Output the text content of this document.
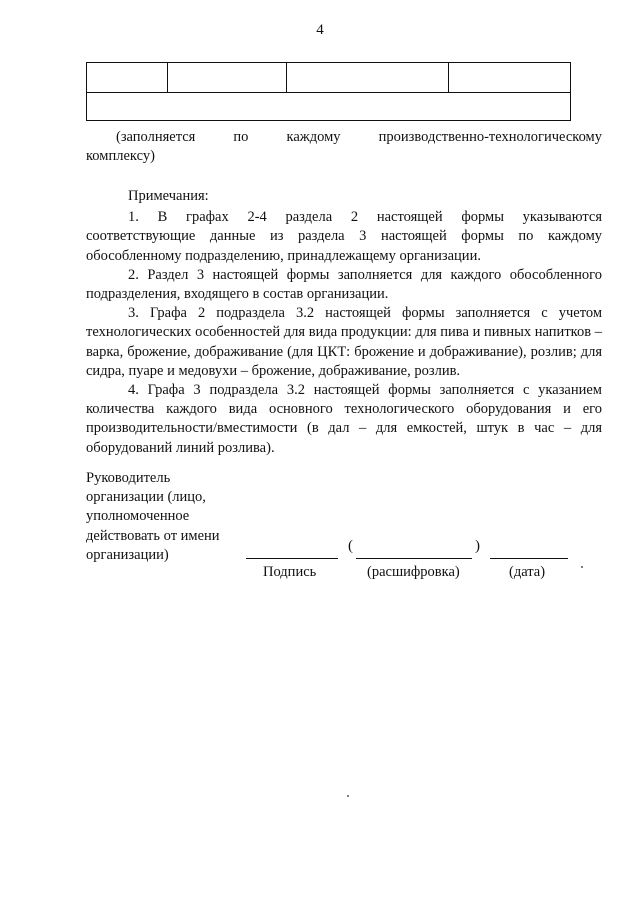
4

(заполняется по каждому производственно-технологическому
комплексу)

Примечания:

1. В графах 2-4 раздела 2 настоящей формы указываются

соответствующие данные из раздела 3 настоящей формы по каждому обособленному подразделению, принадлежащему организации.

2. Раздел 3 настоящей формы заполняется для каждого обособленного подразделения, входящего в состав организации.

3. Графа 2 подраздела 3.2 настоящей формы заполняется с учетом технологических особенностей для вида продукции: для пива и пивных напитков – варка, брожение, дображивание (для ЦКТ: брожение и дображивание), розлив; для сидра, пуаре и медовухи – брожение, дображивание, розлив.

4. Графа 3 подраздела 3.2 настоящей формы заполняется с указанием количества каждого вида основного технологического оборудования и его производительности/вместимости (в дал – для емкостей, штук в час – для оборудований линий розлива).

Руководитель
организации (лицо,
уполномоченное
действовать от имени
организации)
(	)
Подпись	(расшифровка)	(дата)
